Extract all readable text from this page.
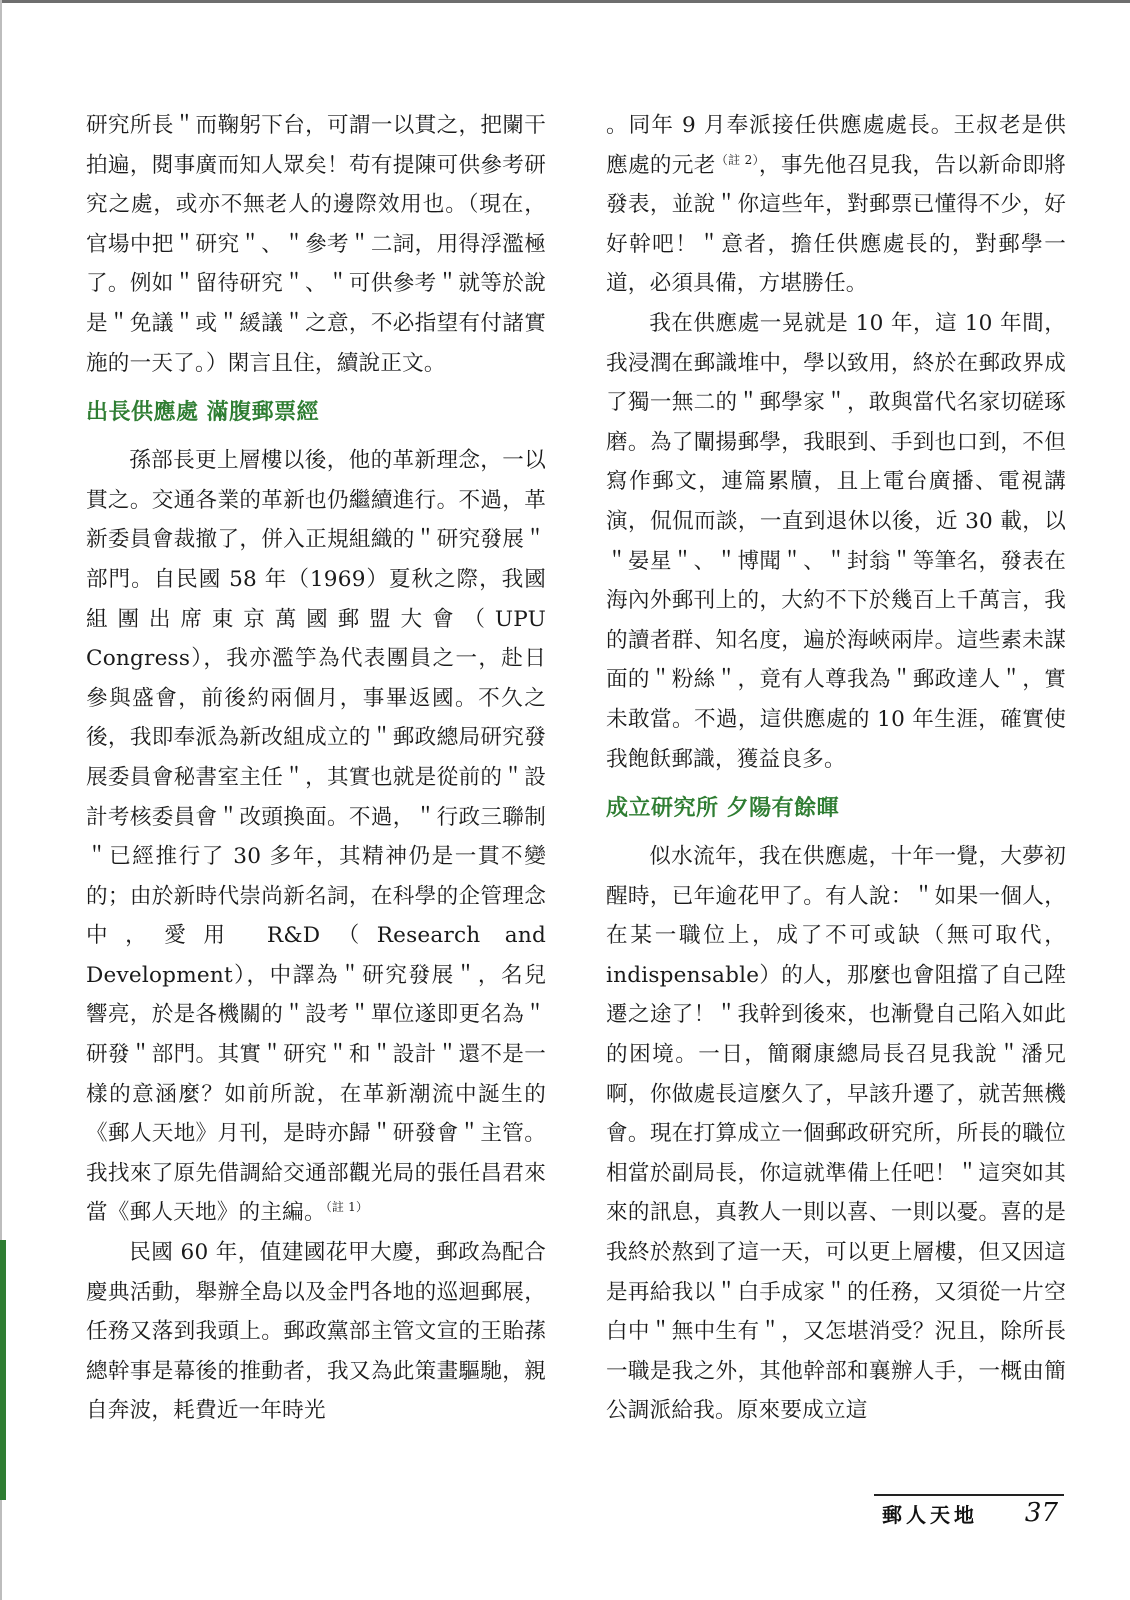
研究所長＂而鞠躬下台，可謂一以貫之，把闌干拍遍，閱事廣而知人眾矣！苟有提陳可供參考研究之處，或亦不無老人的邊際效用也。（現在，官場中把＂研究＂、＂參考＂二詞，用得浮濫極了。例如＂留待研究＂、＂可供參考＂就等於說是＂免議＂或＂緩議＂之意，不必指望有付諸實施的一天了。）閑言且住，續說正文。

出長供應處 滿腹郵票經

孫部長更上層樓以後，他的革新理念，一以貫之。交通各業的革新也仍繼續進行。不過，革新委員會裁撤了，併入正規組織的＂研究發展＂部門。自民國 58 年（1969）夏秋之際，我國組團出席東京萬國郵盟大會（UPU Congress），我亦濫竽為代表團員之一，赴日參與盛會，前後約兩個月，事畢返國。不久之後，我即奉派為新改組成立的＂郵政總局研究發展委員會秘書室主任＂，其實也就是從前的＂設計考核委員會＂改頭換面。不過，＂行政三聯制＂已經推行了 30 多年，其精神仍是一貫不變的；由於新時代崇尚新名詞，在科學的企管理念中，愛用 R&D（Research and Development），中譯為＂研究發展＂，名兒響亮，於是各機關的＂設考＂單位遂即更名為＂研發＂部門。其實＂研究＂和＂設計＂還不是一樣的意涵麼？如前所說，在革新潮流中誕生的《郵人天地》月刊，是時亦歸＂研發會＂主管。我找來了原先借調給交通部觀光局的張任昌君來當《郵人天地》的主編。$^{(註 1)}$

民國 60 年，值建國花甲大慶，郵政為配合慶典活動，舉辦全島以及金門各地的巡迴郵展，任務又落到我頭上。郵政黨部主管文宣的王貽蓀總幹事是幕後的推動者，我又為此策畫驅馳，親自奔波，耗費近一年時光

。同年 9 月奉派接任供應處處長。王叔老是供應處的元老$^{(註 2)}$，事先他召見我，告以新命即將發表，並說＂你這些年，對郵票已懂得不少，好好幹吧！＂意者，擔任供應處長的，對郵學一道，必須具備，方堪勝任。

我在供應處一晃就是 10 年，這 10 年間，我浸潤在郵識堆中，學以致用，終於在郵政界成了獨一無二的＂郵學家＂，敢與當代名家切磋琢磨。為了闡揚郵學，我眼到、手到也口到，不但寫作郵文，連篇累牘，且上電台廣播、電視講演，侃侃而談，一直到退休以後，近 30 載，以＂晏星＂、＂博聞＂、＂封翁＂等筆名，發表在海內外郵刊上的，大約不下於幾百上千萬言，我的讀者群、知名度，遍於海峽兩岸。這些素未謀面的＂粉絲＂，竟有人尊我為＂郵政達人＂，實未敢當。不過，這供應處的 10 年生涯，確實使我飽飫郵識，獲益良多。

成立研究所 夕陽有餘暉

似水流年，我在供應處，十年一覺，大夢初醒時，已年逾花甲了。有人說：＂如果一個人，在某一職位上，成了不可或缺（無可取代，indispensable）的人，那麼也會阻擋了自己陞遷之途了！＂我幹到後來，也漸覺自己陷入如此的困境。一日，簡爾康總局長召見我說＂潘兄啊，你做處長這麼久了，早該升遷了，就苦無機會。現在打算成立一個郵政研究所，所長的職位相當於副局長，你這就準備上任吧！＂這突如其來的訊息，真教人一則以喜、一則以憂。喜的是我終於熬到了這一天，可以更上層樓，但又因這是再給我以＂白手成家＂的任務，又須從一片空白中＂無中生有＂，又怎堪消受？況且，除所長一職是我之外，其他幹部和襄辦人手，一概由簡公調派給我。原來要成立這

郵人天地 37
